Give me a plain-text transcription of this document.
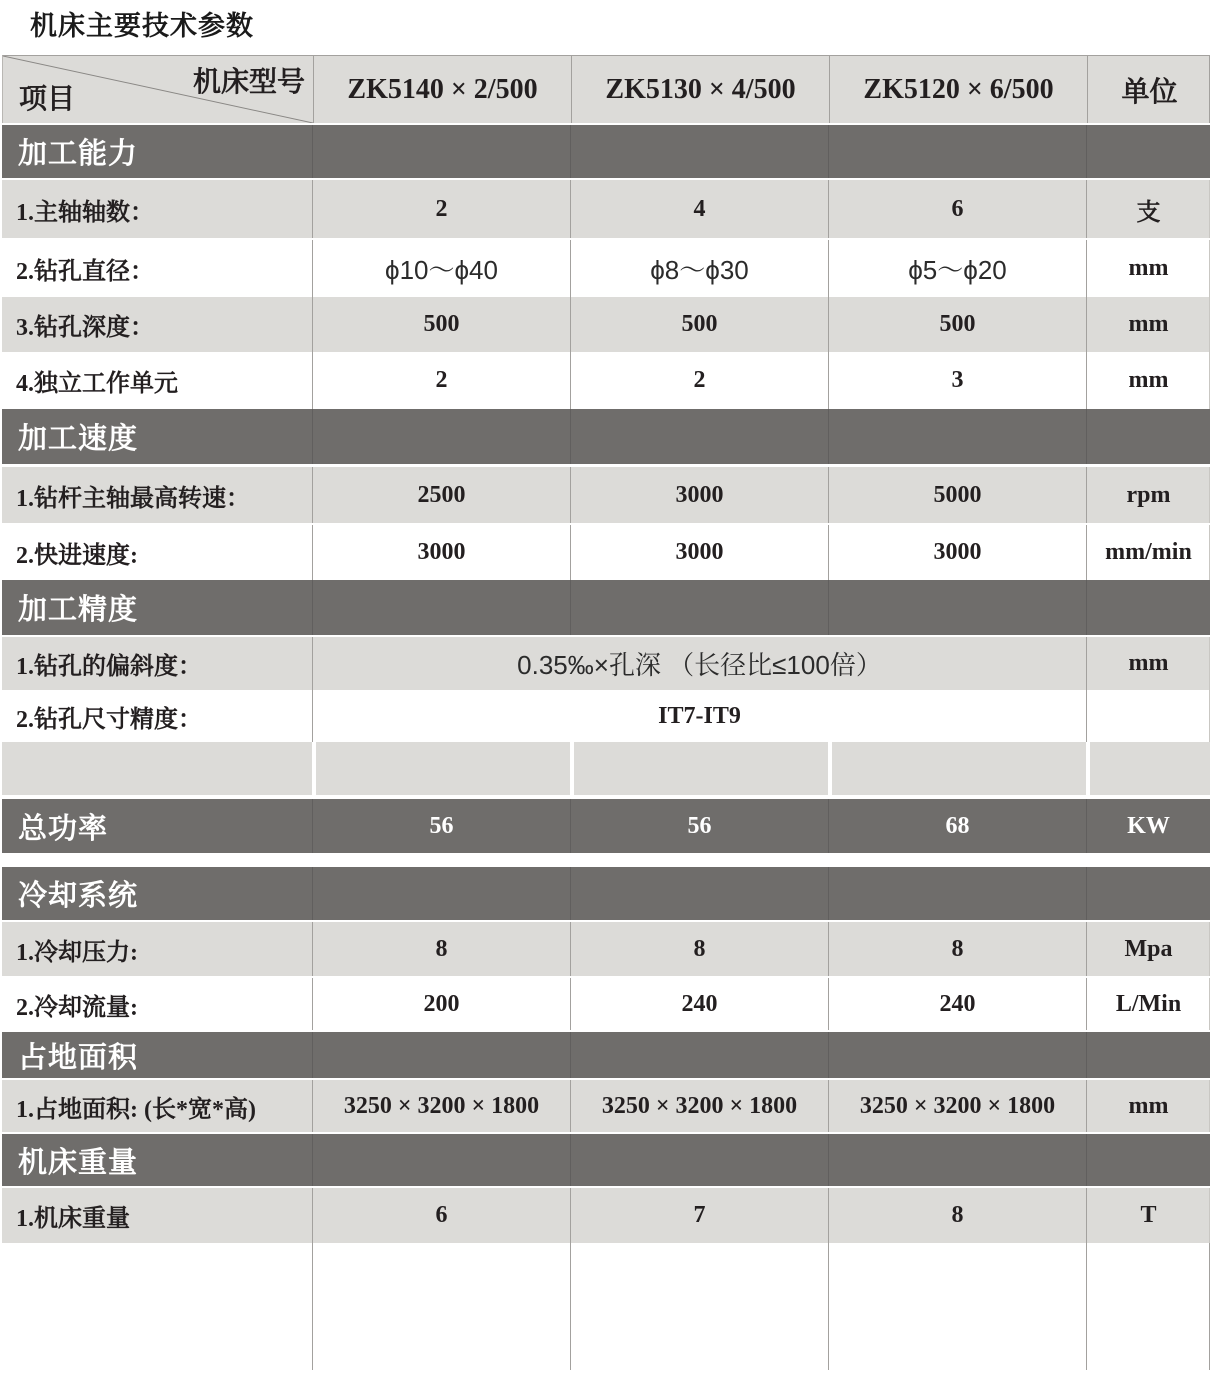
机床主要技术参数
机床型号
项目	ZK5140 × 2/500	ZK5130 × 4/500	ZK5120 × 6/500	单位
加工能力
1.主轴轴数：	2	4	6	支
2.钻孔直径：	ϕ10～ϕ40	ϕ8～ϕ30	ϕ5～ϕ20	mm
3.钻孔深度：	500	500	500	mm
4.独立工作单元	2	2	3	mm
加工速度
1.钻杆主轴最高转速：	2500	3000	5000	rpm
2.快进速度:	3000	3000	3000	mm/min
加工精度
1.钻孔的偏斜度：	0.35‰×孔深 （长径比≤100倍）	mm
2.钻孔尺寸精度：	IT7-IT9
总功率	56	56	68	KW
冷却系统
1.冷却压力:	8	8	8	Mpa
2.冷却流量:	200	240	240	L/Min
占地面积
1.占地面积: (长*宽*高)	3250 × 3200 × 1800	3250 × 3200 × 1800	3250 × 3200 × 1800	mm
机床重量
1.机床重量	6	7	8	T
